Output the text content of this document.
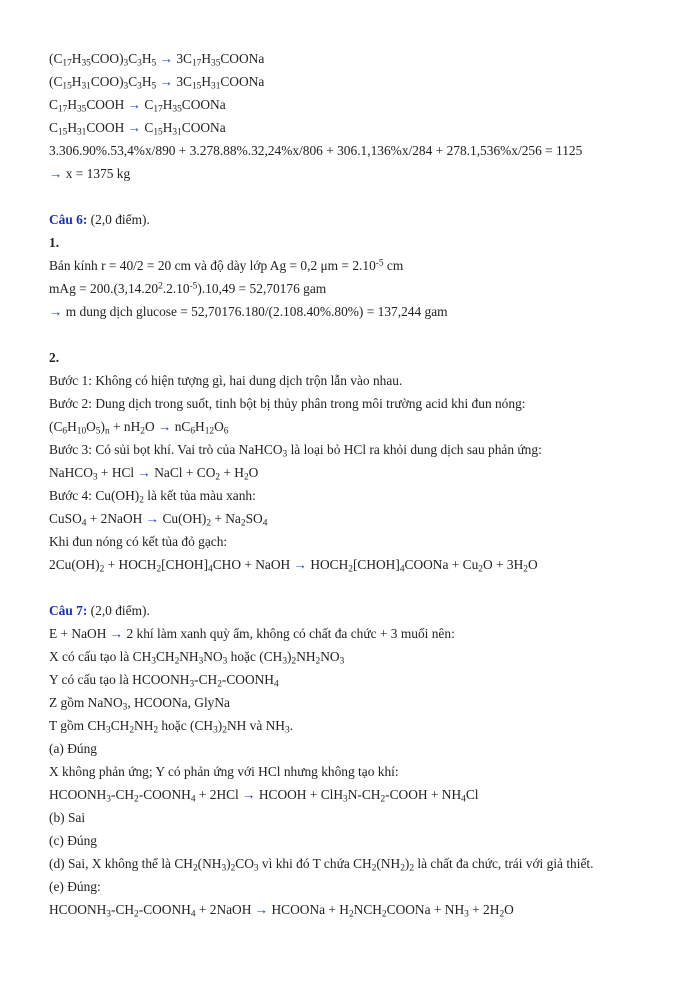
$(C_{17}H_{35}COO)_3C_3H_5$ → $3C_{17}H_{35}COONa$
$(C_{15}H_{31}COO)_3C_3H_5$ → $3C_{15}H_{31}COONa$
$C_{17}H_{35}COOH$ → $C_{17}H_{35}COONa$
$C_{15}H_{31}COOH$ → $C_{15}H_{31}COONa$
3.306.90%.53,4%x/890 + 3.278.88%.32,24%x/806 + 306.1,136%x/284 + 278.1,536%x/256 = 1125
→ x = 1375 kg
Câu 6: (2,0 điểm).
1.
Bán kính r = 40/2 = 20 cm và độ dày lớp Ag = 0,2 $\mu m = 2.10^{-5}$ cm
mAg = $200.(3,14.20^2.2.10^{-5}).10,49 = 52,70176$ gam
→ m dung dịch glucose = 52,70176.180/(2.108.40%.80%) = 137,244 gam
2.
Bước 1: Không có hiện tượng gì, hai dung dịch trộn lẫn vào nhau.
Bước 2: Dung dịch trong suốt, tinh bột bị thủy phân trong môi trường acid khi đun nóng:
$(C_6H_{10}O_5)_n + nH_2O \to nC_6H_{12}O_6$
Bước 3: Có sủi bọt khí. Vai trò của NaHCO$_3$ là loại bỏ HCl ra khỏi dung dịch sau phản ứng:
NaHCO$_3$ + HCl → NaCl + $CO_2 + H_2O$
Bước 4: $Cu(OH)_2$ là kết tủa màu xanh:
CuSO$_4$ + 2NaOH → $Cu(OH)_2 + Na_2SO_4$
Khi đun nóng có kết tủa đỏ gạch:
$2Cu(OH)_2$ + $HOCH_2[CHOH]_4CHO$ + NaOH → $HOCH_2[CHOH]_4COONa + Cu_2O + 3H_2O$
Câu 7: (2,0 điểm).
E + NaOH → 2 khí làm xanh quỳ ẩm, không có chất đa chức + 3 muối nên:
X có cấu tạo là $CH_3CH_2NH_3NO_3$ hoặc $(CH_3)_2NH_2NO_3$
Y có cấu tạo là $HCOONH_3-CH_2-COONH_4$
Z gồm NaNO$_3$, HCOONa, GlyNa
T gồm $CH_3CH_2NH_2$ hoặc $(CH_3)_2NH$ và $NH_3$.
(a) Đúng
X không phản ứng; Y có phản ứng với HCl nhưng không tạo khí:
$HCOONH_3-CH_2-COONH_4 + 2HCl$ → HCOOH + $ClH_3N-CH_2$-COOH + $NH_4Cl$
(b) Sai
(c) Đúng
(d) Sai, X không thể là $CH_2(NH_3)_2CO_3$ vì khi đó T chứa $CH_2(NH_2)_2$ là chất đa chức, trái với giả thiết.
(e) Đúng:
$HCOONH_3-CH_2-COONH_4$ + 2NaOH → HCOONa + $H_2NCH_2COONa + NH_3 + 2H_2O$
